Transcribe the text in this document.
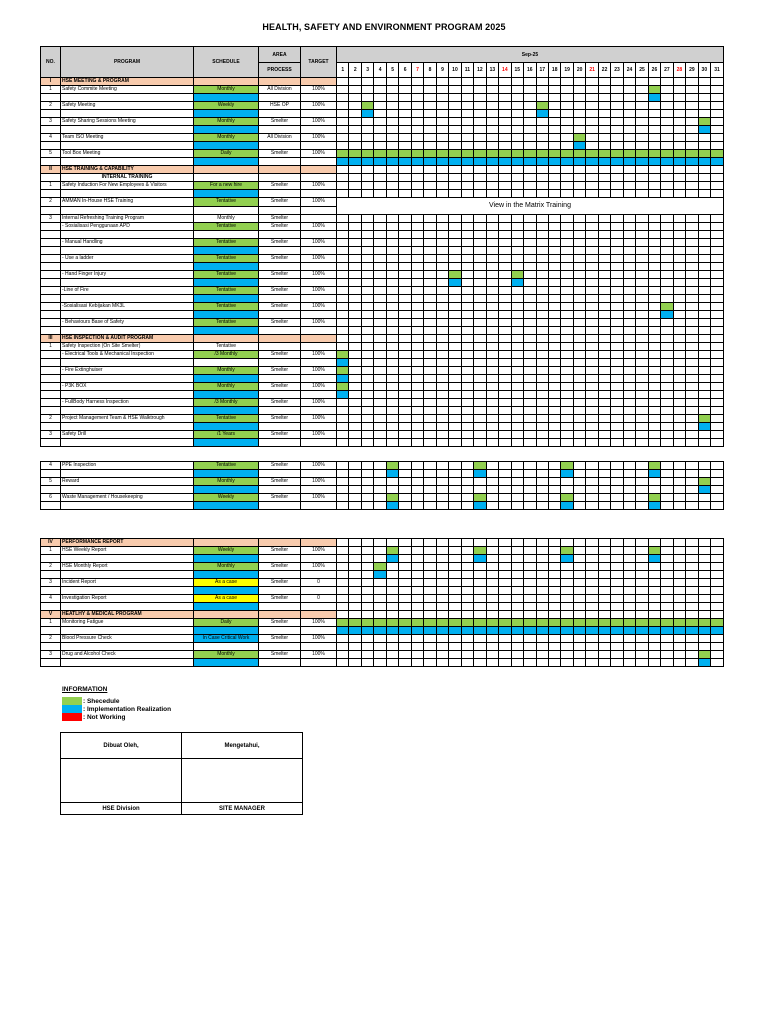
HEALTH, SAFETY AND ENVIRONMENT PROGRAM 2025
NO.	PROGRAM	SCHEDULE	AREA	TARGET	Sep-25																														
			PROCESS		1	2	3	4	5	6	7	8	9	10	11	12	13	14	15	16	17	18	19	20	21	22	23	24	25	26	27	28	29	30	31
I	HSE MEETING & PROGRAM																																		
1	Safety Commite Meeting	Monthly	All Division	100%																															

2	Safety Meeting	Weekly	HSE OP	100%																															

3	Safety Sharing Sessions Meeting	Monthly	Smelter	100%																															

4	Team ISO Meeting	Monthly	All Division	100%																															

5	Tool Box Meeting	Daily	Smelter	100%																															

II	HSE TRAINING & CAPABILITY																																		
	INTERNAL TRAINING																																		
1	Safety Induction For New Employees & Visitors	For a new hire	Smelter	100%																															

2	AMMAN In-House HSE Training	Tentative	Smelter	100%	View in the Matrix Training																														

3	Internal Refreshing Training Program	Monthly	Smelter																																
	- Sosialisasi Penggunaan APD	Tentative	Smelter	100%																															

	- Manual Handling	Tentative	Smelter	100%																															

	- Use a ladder	Tentative	Smelter	100%																															

	- Hand Finger Injury	Tentative	Smelter	100%																															

	-Line of Fire	Tentative	Smelter	100%																															

	-Sosialisasi Kebijakan MK3L	Tentative	Smelter	100%																															

	- Behaviours Base of Safety	Tentative	Smelter	100%																															

III	HSE INSPECTION & AUDIT PROGRAM																																		
1	Safety Inspection (On Site Smelter)	Tentative																																	
	- Electrical Tools & Mechanical Inspection	/3 Monthly	Smelter	100%																															

	- Fire Extinghuiser	Monthly	Smelter	100%																															

	- P3K BOX	Monthly	Smelter	100%																															

	- FullBody Harness Inspection	/3 Monthly	Smelter	100%																															

2	Project Management Team & HSE Walktrough	Tentative	Smelter	100%																															

3	Safety Drill	/1 Years	Smelter	100%																															

4	PPE Inspection	Tentative	Smelter	100%																															

5	Reward	Monthly	Smelter	100%																															

6	Waste Management / Housekeeping	Weekly	Smelter	100%																															

IV	PERFORMANCE REPORT																																		
1	HSE Weekly Report	Weekly	Smelter	100%																															

2	HSE Monthly Report	Monthly	Smelter	100%																															

3	Incident Report	As a case	Smelter	0																															

4	Investigation Report	As a case	Smelter	0																															

V	HEATLHY & MEDICAL PROGRAM																																		
1	Monitoring Fatigue	Daily	Smelter	100%																															

2	Blood Pressure Check	In Case Critical Work	Smelter	100%																															

3	Drug and Alcohol Check	Monthly	Smelter	100%																															

INFORMATION
: Shecedule
: Implementation Realization
: Not Working
Dibuat Oleh,	Mengetahui,

HSE Division	SITE MANAGER
